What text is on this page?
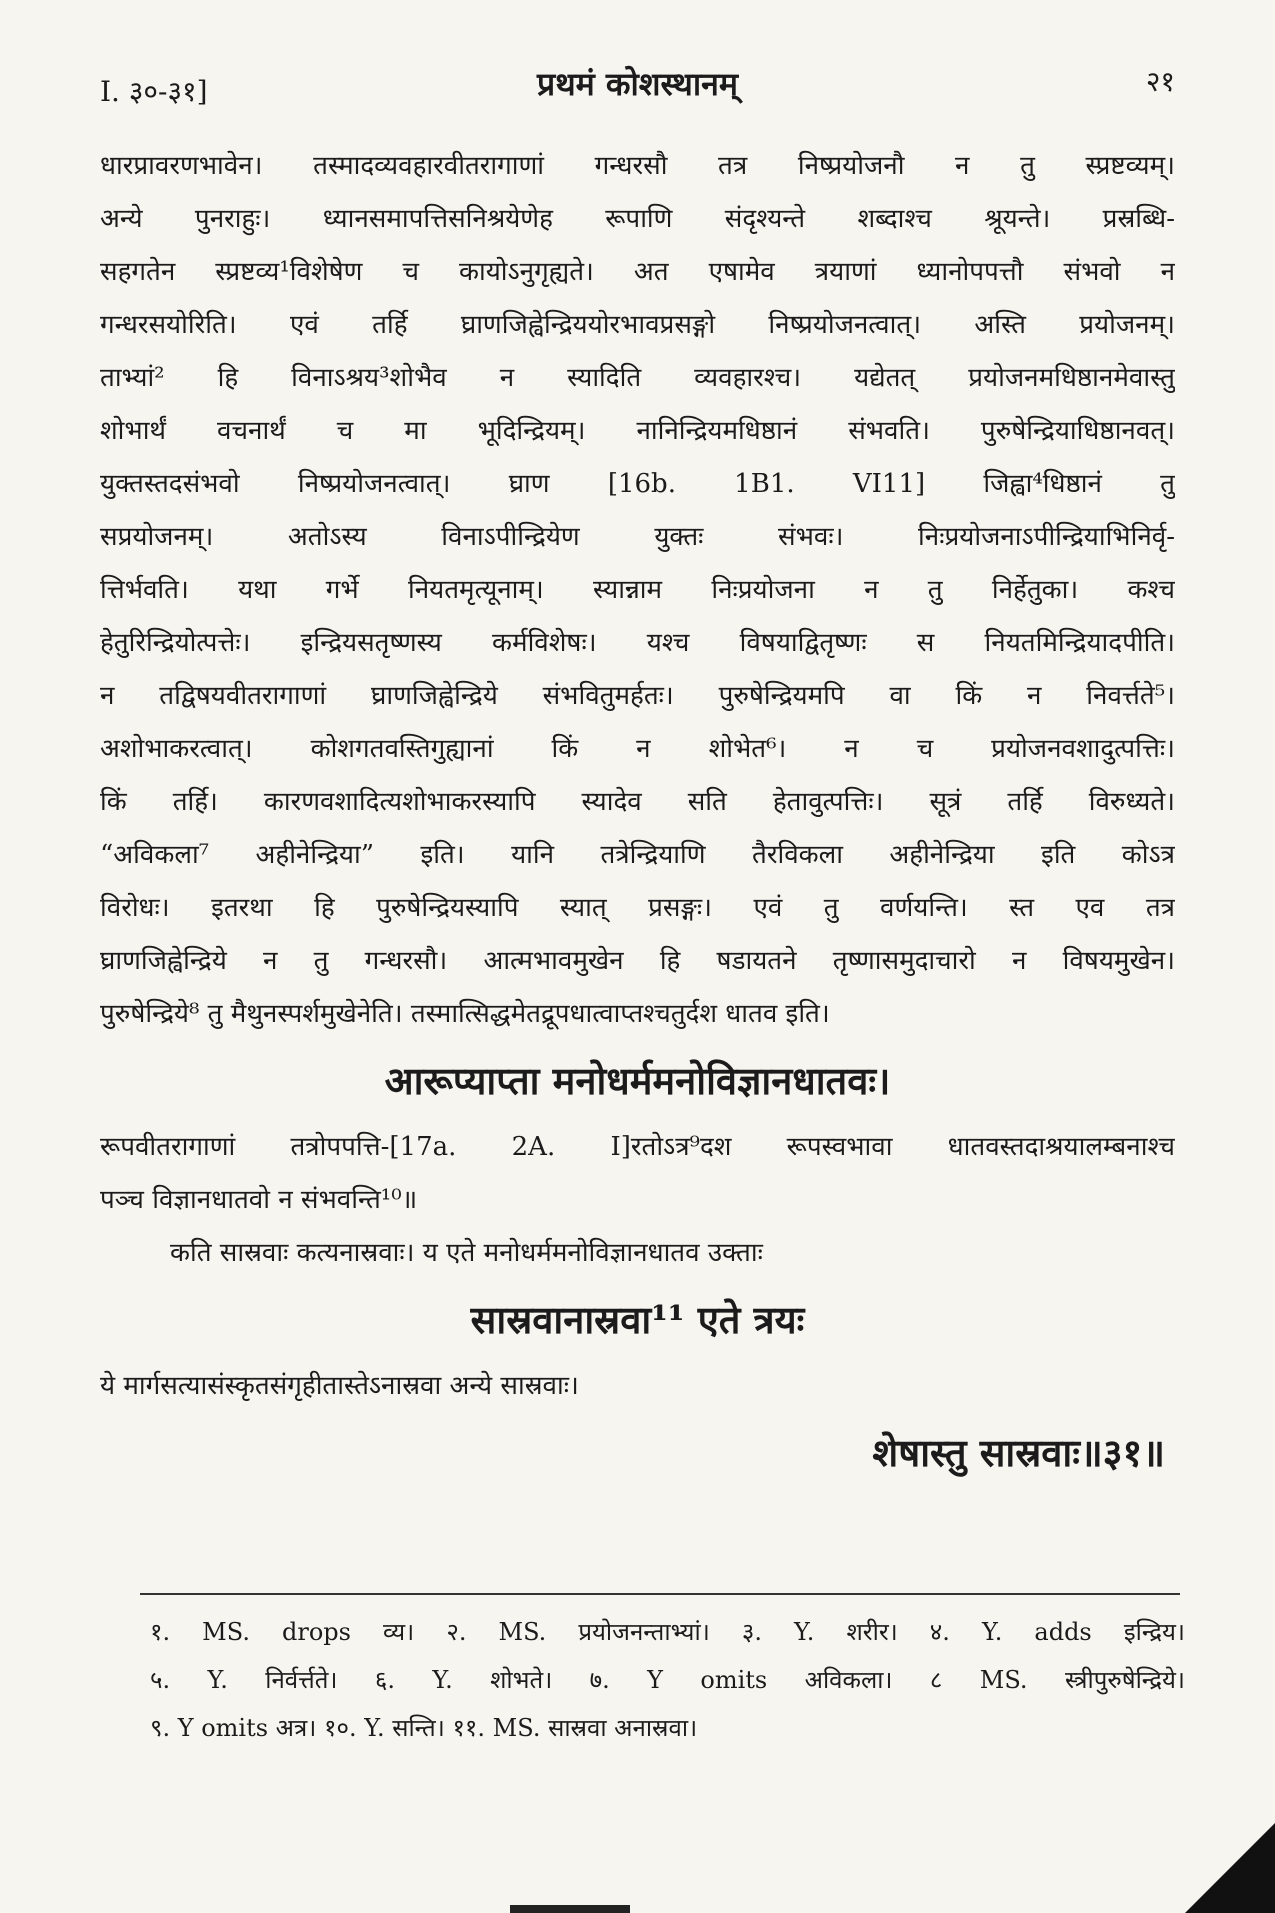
I. ३०-३१]	प्रथमं कोशस्थानम्	२१
धारप्रावरणभावेन। तस्मादव्यवहारवीतरागाणां गन्धरसौ तत्र निष्प्रयोजनौ न तु स्प्रष्टव्यम्।
अन्ये पुनराहुः। ध्यानसमापत्तिसनिश्रयेणेह रूपाणि संदृश्यन्ते शब्दाश्च श्रूयन्ते। प्रस्रब्धि-
सहगतेन स्प्रष्टव्य¹विशेषेण च कायोऽनुगृह्यते। अत एषामेव त्रयाणां ध्यानोपपत्तौ संभवो न
गन्धरसयोरिति। एवं तर्हि घ्राणजिह्वेन्द्रिययोरभावप्रसङ्गो निष्प्रयोजनत्वात्। अस्ति प्रयोजनम्।
ताभ्यां² हि विनाऽश्रय³शोभैव न स्यादिति व्यवहारश्च। यद्येतत् प्रयोजनमधिष्ठानमेवास्तु
शोभार्थं वचनार्थं च मा भूदिन्द्रियम्। नानिन्द्रियमधिष्ठानं संभवति। पुरुषेन्द्रियाधिष्ठानवत्।
युक्तस्तदसंभवो निष्प्रयोजनत्वात्। घ्राण [16b. 1B1. VI11] जिह्वा⁴धिष्ठानं तु
सप्रयोजनम्। अतोऽस्य विनाऽपीन्द्रियेण युक्तः संभवः। निःप्रयोजनाऽपीन्द्रियाभिनिर्वृ-
त्तिर्भवति। यथा गर्भे नियतमृत्यूनाम्। स्यान्नाम निःप्रयोजना न तु निर्हेतुका। कश्च
हेतुरिन्द्रियोत्पत्तेः। इन्द्रियसतृष्णस्य कर्मविशेषः। यश्च विषयाद्वितृष्णः स नियतमिन्द्रियादपीति।
न तद्विषयवीतरागाणां घ्राणजिह्वेन्द्रिये संभवितुमर्हतः। पुरुषेन्द्रियमपि वा किं न निवर्त्तते⁵।
अशोभाकरत्वात्। कोशगतवस्तिगुह्यानां किं न शोभेत⁶। न च प्रयोजनवशादुत्पत्तिः।
किं तर्हि। कारणवशादित्यशोभाकरस्यापि स्यादेव सति हेतावुत्पत्तिः। सूत्रं तर्हि विरुध्यते।
“अविकला⁷ अहीनेन्द्रिया” इति। यानि तत्रेन्द्रियाणि तैरविकला अहीनेन्द्रिया इति कोऽत्र
विरोधः। इतरथा हि पुरुषेन्द्रियस्यापि स्यात् प्रसङ्गः। एवं तु वर्णयन्ति। स्त एव तत्र
घ्राणजिह्वेन्द्रिये न तु गन्धरसौ। आत्मभावमुखेन हि षडायतने तृष्णासमुदाचारो न विषयमुखेन।
पुरुषेन्द्रिये⁸ तु मैथुनस्पर्शमुखेनेति। तस्मात्सिद्धमेतद्रूपधात्वाप्तश्चतुर्दश धातव इति।
आरूप्याप्ता मनोधर्ममनोविज्ञानधातवः।
रूपवीतरागाणां तत्रोपपत्ति-[17a. 2A. I]रतोऽत्र⁹दश रूपस्वभावा धातवस्तदाश्रयालम्बनाश्च
पञ्च विज्ञानधातवो न संभवन्ति¹⁰॥
कति सास्रवाः कत्यनास्रवाः। य एते मनोधर्ममनोविज्ञानधातव उक्ताः
सास्रवानास्रवा¹¹ एते त्रयः
ये मार्गसत्यासंस्कृतसंगृहीतास्तेऽनास्रवा अन्ये सास्रवाः।
शेषास्तु सास्रवाः॥३१॥
१. MS. drops व्य। २. MS. प्रयोजनन्ताभ्यां। ३. Y. शरीर। ४. Y. adds इन्द्रिय।
५. Y. निर्वर्त्तते। ६. Y. शोभते। ७. Y omits अविकला। ८ MS. स्त्रीपुरुषेन्द्रिये।
९. Y omits अत्र। १०. Y. सन्ति। ११. MS. सास्रवा अनास्रवा।
